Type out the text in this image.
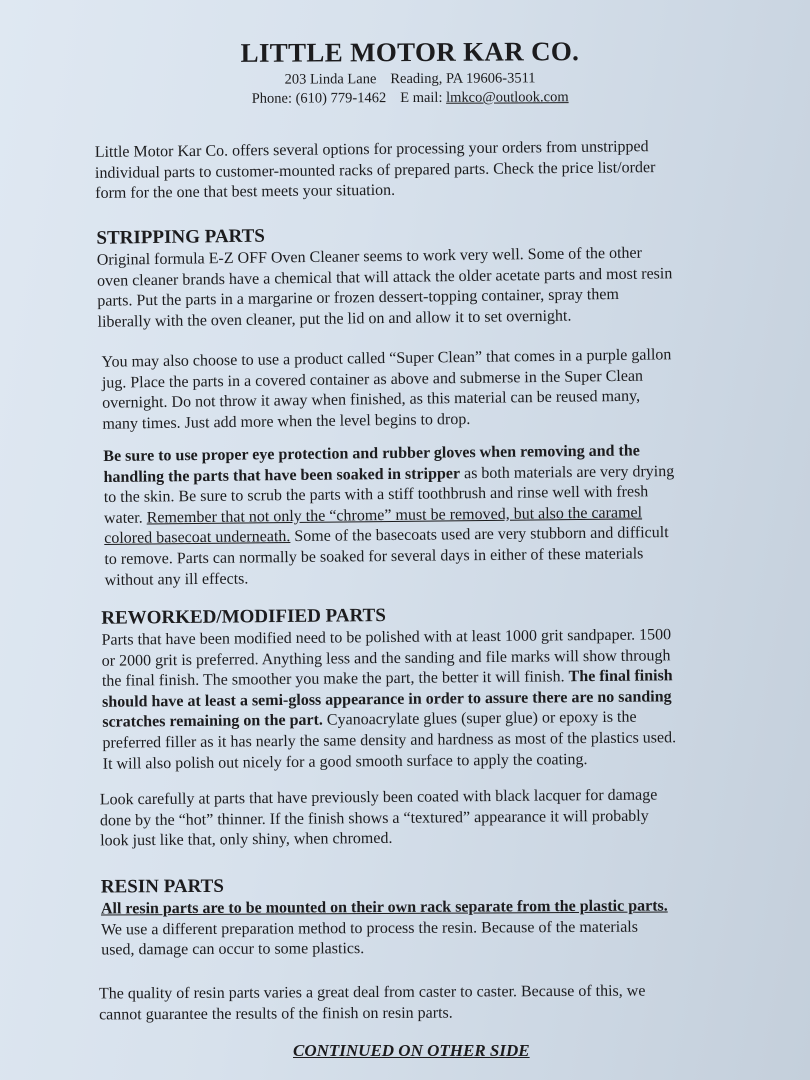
LITTLE MOTOR KAR CO.
203 Linda Lane Reading, PA 19606-3511
Phone: (610) 779-1462 E mail: lmkco@outlook.com
Little Motor Kar Co. offers several options for processing your orders from unstripped
individual parts to customer-mounted racks of prepared parts. Check the price list/order
form for the one that best meets your situation.
STRIPPING PARTS
Original formula E-Z OFF Oven Cleaner seems to work very well. Some of the other
oven cleaner brands have a chemical that will attack the older acetate parts and most resin
parts. Put the parts in a margarine or frozen dessert-topping container, spray them
liberally with the oven cleaner, put the lid on and allow it to set overnight.
You may also choose to use a product called “Super Clean” that comes in a purple gallon
jug. Place the parts in a covered container as above and submerse in the Super Clean
overnight. Do not throw it away when finished, as this material can be reused many,
many times. Just add more when the level begins to drop.
Be sure to use proper eye protection and rubber gloves when removing and the
handling the parts that have been soaked in stripper as both materials are very drying
to the skin. Be sure to scrub the parts with a stiff toothbrush and rinse well with fresh
water. Remember that not only the “chrome” must be removed, but also the caramel
colored basecoat underneath. Some of the basecoats used are very stubborn and difficult
to remove. Parts can normally be soaked for several days in either of these materials
without any ill effects.
REWORKED/MODIFIED PARTS
Parts that have been modified need to be polished with at least 1000 grit sandpaper. 1500
or 2000 grit is preferred. Anything less and the sanding and file marks will show through
the final finish. The smoother you make the part, the better it will finish. The final finish
should have at least a semi-gloss appearance in order to assure there are no sanding
scratches remaining on the part. Cyanoacrylate glues (super glue) or epoxy is the
preferred filler as it has nearly the same density and hardness as most of the plastics used.
It will also polish out nicely for a good smooth surface to apply the coating.
Look carefully at parts that have previously been coated with black lacquer for damage
done by the “hot” thinner. If the finish shows a “textured” appearance it will probably
look just like that, only shiny, when chromed.
RESIN PARTS
All resin parts are to be mounted on their own rack separate from the plastic parts.
We use a different preparation method to process the resin. Because of the materials
used, damage can occur to some plastics.
The quality of resin parts varies a great deal from caster to caster. Because of this, we
cannot guarantee the results of the finish on resin parts.
CONTINUED ON OTHER SIDE
